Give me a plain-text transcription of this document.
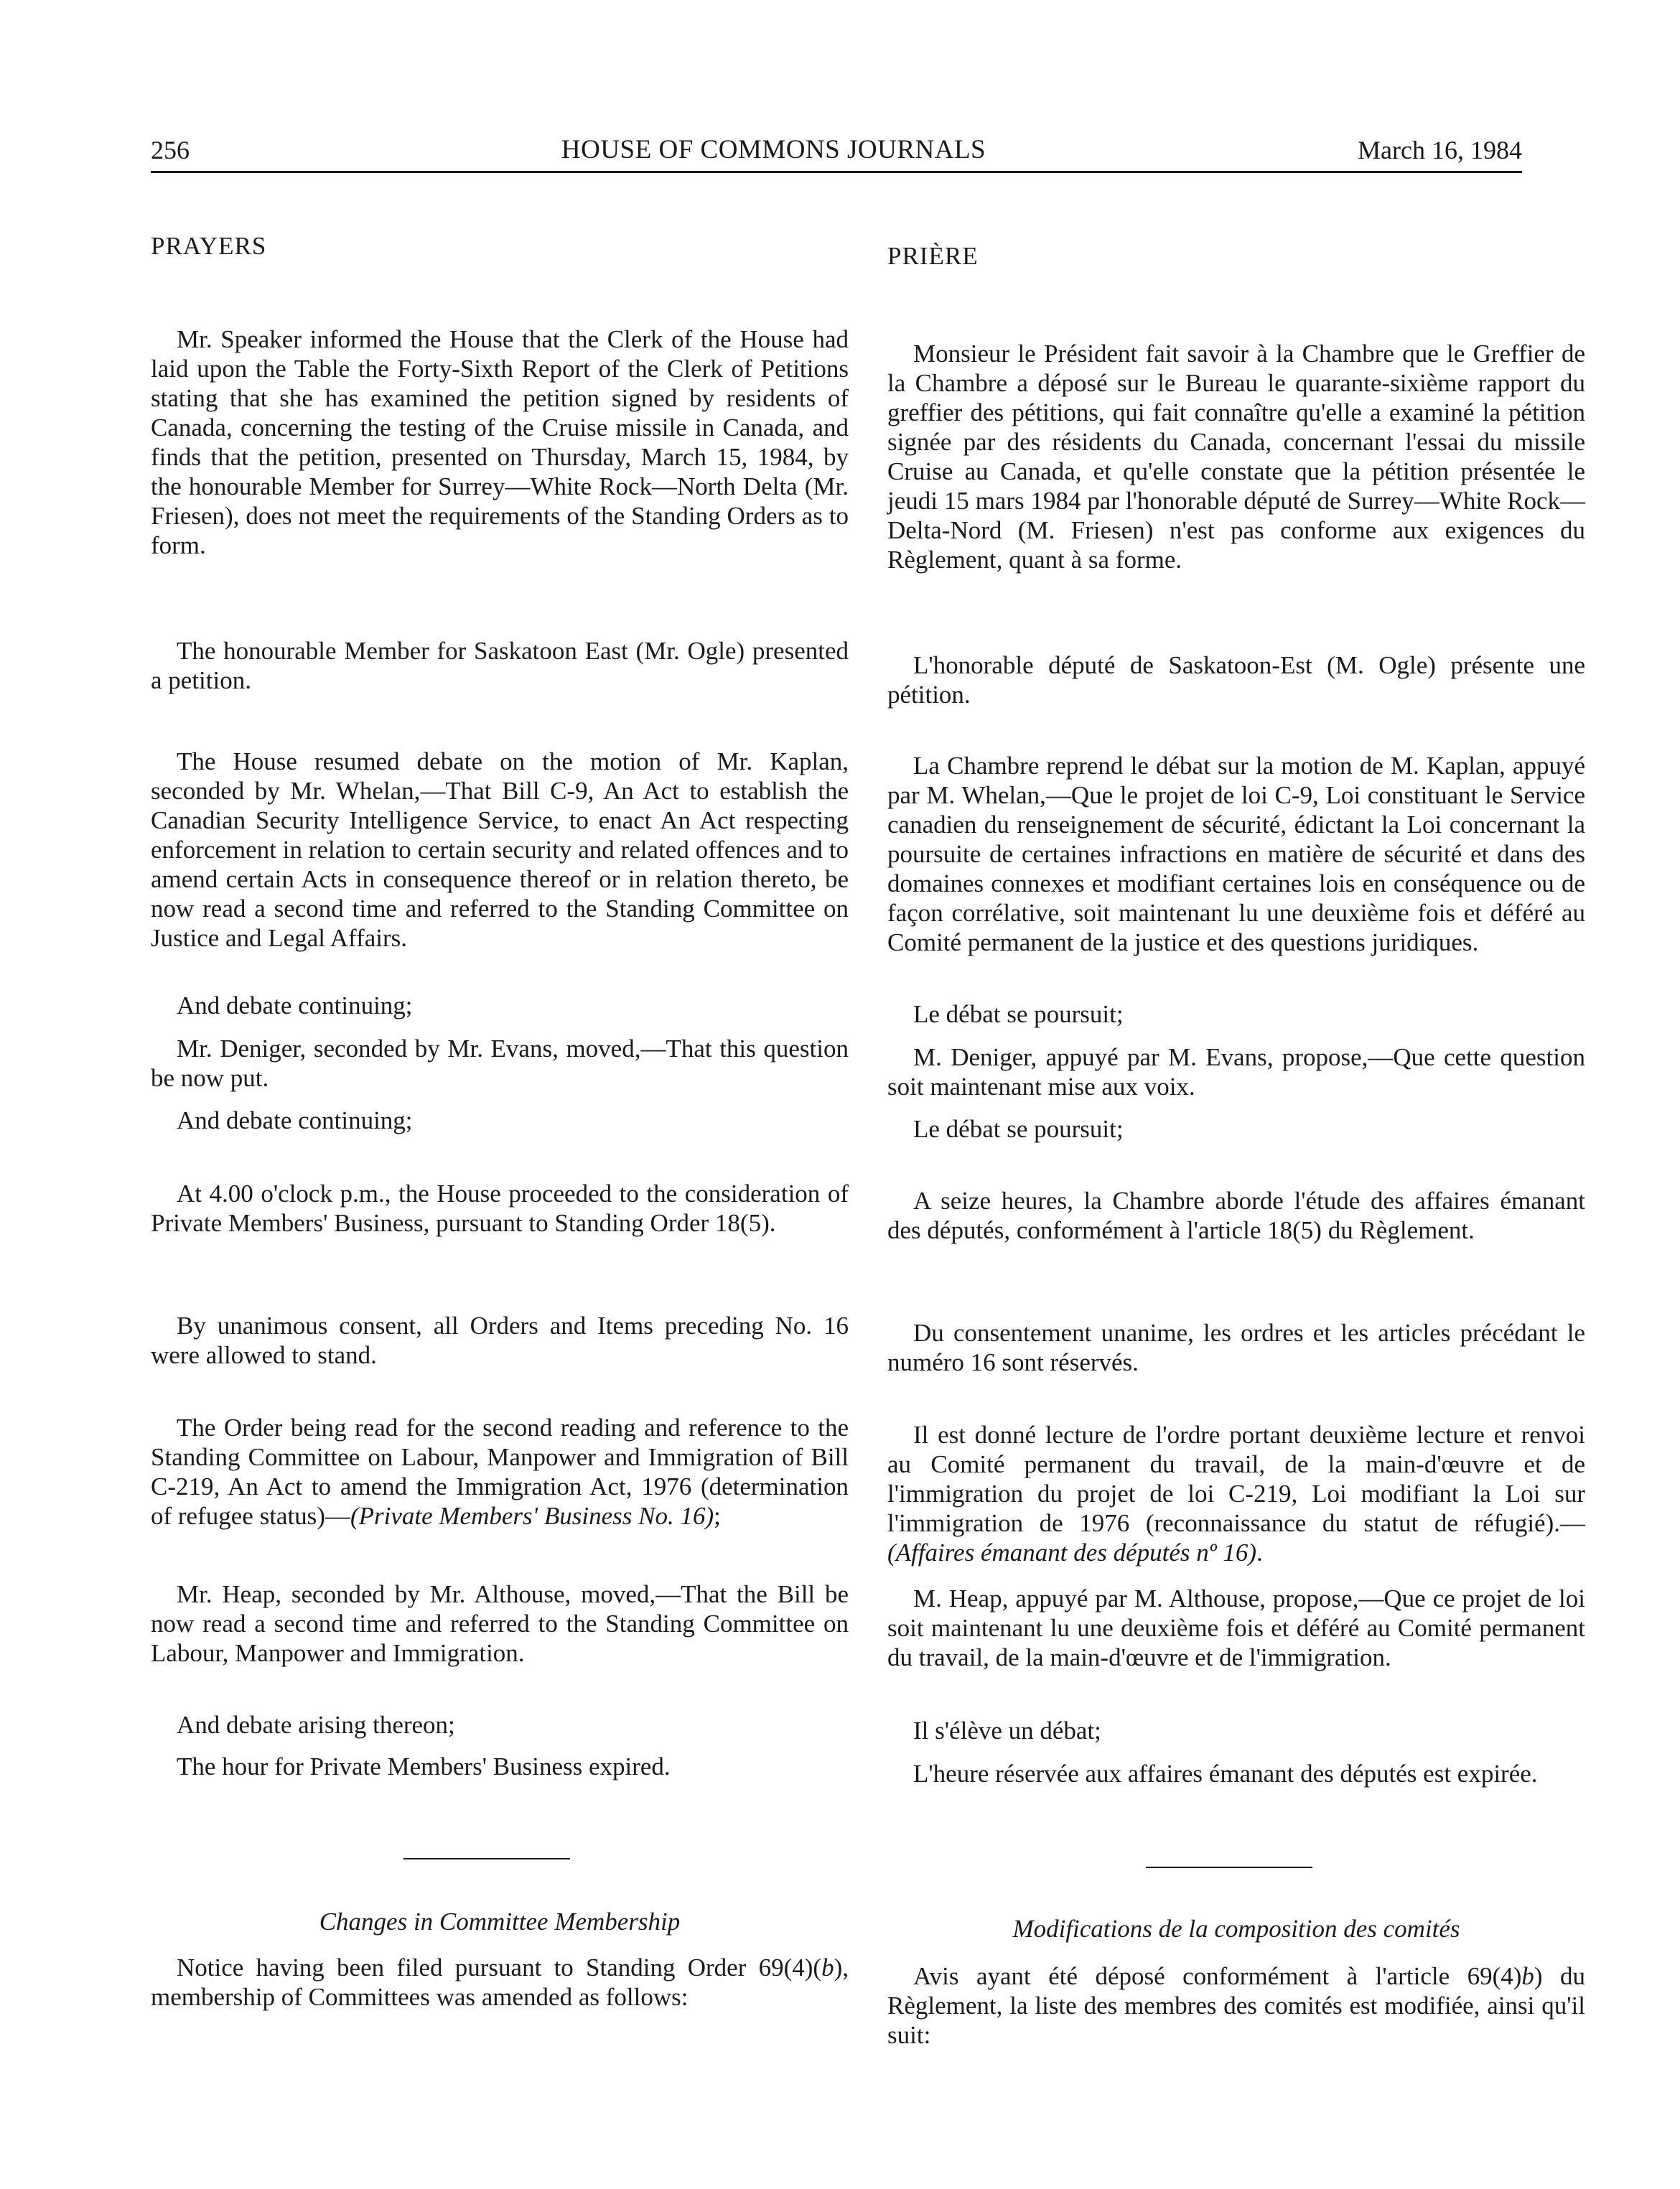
256	HOUSE OF COMMONS JOURNALS	March 16, 1984
PRAYERS

Mr. Speaker informed the House that the Clerk of the House had laid upon the Table the Forty-Sixth Report of the Clerk of Petitions stating that she has examined the petition signed by residents of Canada, concerning the testing of the Cruise missile in Canada, and finds that the petition, presented on Thursday, March 15, 1984, by the honourable Member for Surrey—White Rock—North Delta (Mr. Friesen), does not meet the requirements of the Standing Orders as to form.

The honourable Member for Saskatoon East (Mr. Ogle) presented a petition.

The House resumed debate on the motion of Mr. Kaplan, seconded by Mr. Whelan,—That Bill C-9, An Act to establish the Canadian Security Intelligence Service, to enact An Act respecting enforcement in relation to certain security and related offences and to amend certain Acts in consequence thereof or in relation thereto, be now read a second time and referred to the Standing Committee on Justice and Legal Affairs.

And debate continuing;

Mr. Deniger, seconded by Mr. Evans, moved,—That this question be now put.

And debate continuing;

At 4.00 o'clock p.m., the House proceeded to the consideration of Private Members' Business, pursuant to Standing Order 18(5).

By unanimous consent, all Orders and Items preceding No. 16 were allowed to stand.

The Order being read for the second reading and reference to the Standing Committee on Labour, Manpower and Immigration of Bill C-219, An Act to amend the Immigration Act, 1976 (determination of refugee status)—(Private Members' Business No. 16);

Mr. Heap, seconded by Mr. Althouse, moved,—That the Bill be now read a second time and referred to the Standing Committee on Labour, Manpower and Immigration.

And debate arising thereon;

The hour for Private Members' Business expired.

Changes in Committee Membership

Notice having been filed pursuant to Standing Order 69(4)(b), membership of Committees was amended as follows:

PRIÈRE

Monsieur le Président fait savoir à la Chambre que le Greffier de la Chambre a déposé sur le Bureau le quarante-sixième rapport du greffier des pétitions, qui fait connaître qu'elle a examiné la pétition signée par des résidents du Canada, concernant l'essai du missile Cruise au Canada, et qu'elle constate que la pétition présentée le jeudi 15 mars 1984 par l'honorable député de Surrey—White Rock—Delta-Nord (M. Friesen) n'est pas conforme aux exigences du Règlement, quant à sa forme.

L'honorable député de Saskatoon-Est (M. Ogle) présente une pétition.

La Chambre reprend le débat sur la motion de M. Kaplan, appuyé par M. Whelan,—Que le projet de loi C-9, Loi constituant le Service canadien du renseignement de sécurité, édictant la Loi concernant la poursuite de certaines infractions en matière de sécurité et dans des domaines connexes et modifiant certaines lois en conséquence ou de façon corrélative, soit maintenant lu une deuxième fois et déféré au Comité permanent de la justice et des questions juridiques.

Le débat se poursuit;

M. Deniger, appuyé par M. Evans, propose,—Que cette question soit maintenant mise aux voix.

Le débat se poursuit;

A seize heures, la Chambre aborde l'étude des affaires émanant des députés, conformément à l'article 18(5) du Règlement.

Du consentement unanime, les ordres et les articles précédant le numéro 16 sont réservés.

Il est donné lecture de l'ordre portant deuxième lecture et renvoi au Comité permanent du travail, de la main-d'œuvre et de l'immigration du projet de loi C-219, Loi modifiant la Loi sur l'immigration de 1976 (reconnaissance du statut de réfugié).—(Affaires émanant des députés nº 16).

M. Heap, appuyé par M. Althouse, propose,—Que ce projet de loi soit maintenant lu une deuxième fois et déféré au Comité permanent du travail, de la main-d'œuvre et de l'immigration.

Il s'élève un débat;

L'heure réservée aux affaires émanant des députés est expirée.

Modifications de la composition des comités

Avis ayant été déposé conformément à l'article 69(4)b) du Règlement, la liste des membres des comités est modifiée, ainsi qu'il suit:
